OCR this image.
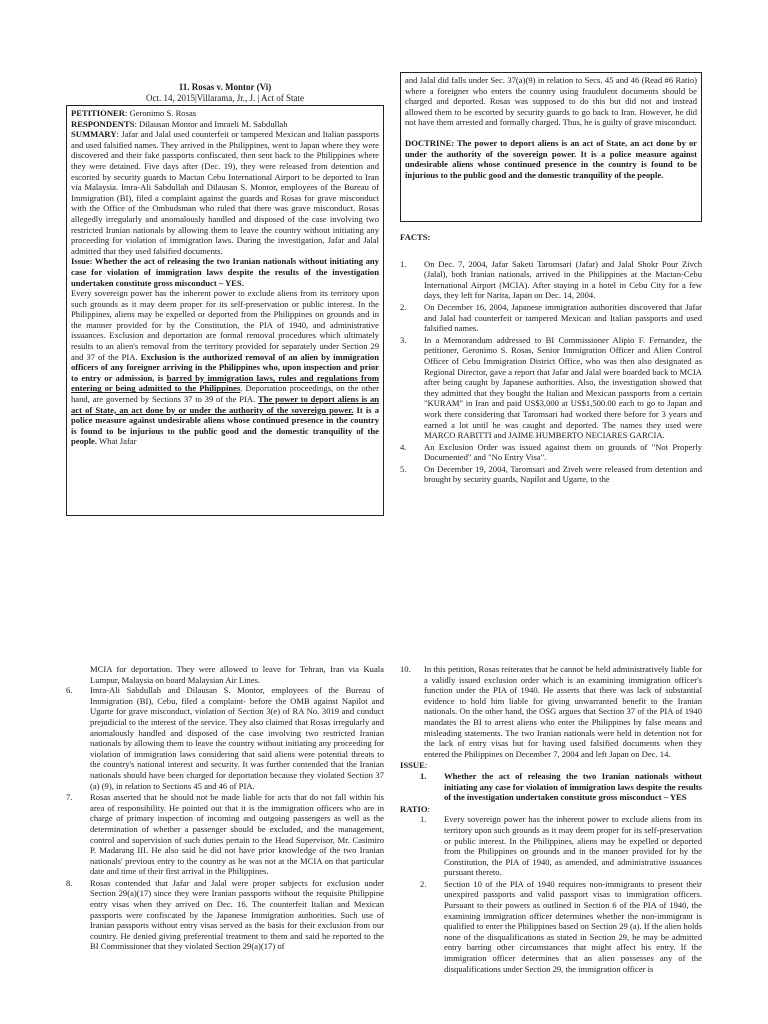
11. Rosas v. Montor (Vi)
Oct. 14, 2015|Villarama, Jr., J. | Act of State

PETITIONER: Geronimo S. Rosas

RESPONDENTS: Dilausan Montor and Imraeli M. Sabdullah

SUMMARY: Jafar and Jalal used counterfeit or tampered Mexican and Italian passports and used falsified names. They arrived in the Philippines, went to Japan where they were discovered and their fake passports confiscated, then sent back to the Philippines where they were detained. Five days after (Dec. 19), they were released from detention and escorted by security guards to Mactan Cebu International Airport to be deported to Iran via Malaysia. Imra-Ali Sabdullah and Dilausan S. Montor, employees of the Bureau of Immigration (BI), filed a complaint against the guards and Rosas for grave misconduct with the Office of the Ombudsman who ruled that there was grave misconduct. Rosas allegedly irregularly and anomalously handled and disposed of the case involving two restricted Iranian nationals by allowing them to leave the country without initiating any proceeding for violation of immigration laws. During the investigation, Jafar and Jalal admitted that they used falsified documents.

Issue: Whether the act of releasing the two Iranian nationals without initiating any case for violation of immigration laws despite the results of the investigation undertaken constitute gross misconduct – YES.

Every sovereign power has the inherent power to exclude aliens from its territory upon such grounds as it may deem proper for its self-preservation or public interest. In the Philippines, aliens may be expelled or deported from the Philippines on grounds and in the manner provided for by the Constitution, the PIA of 1940, and administrative issuances. Exclusion and deportation are formal removal procedures which ultimately results to an alien's removal from the territory provided for separately under Section 29 and 37 of the PIA. Exclusion is the authorized removal of an alien by immigration officers of any foreigner arriving in the Philippines who, upon inspection and prior to entry or admission, is barred by immigration laws, rules and regulations from entering or being admitted to the Philippines. Deportation proceedings, on the other hand, are governed by Sections 37 to 39 of the PIA. The power to deport aliens is an act of State, an act done by or under the authority of the sovereign power. It is a police measure against undesirable aliens whose continued presence in the country is found to be injurious to the public good and the domestic tranquility of the people. What Jafar

and Jalal did falls under Sec. 37(a)(9) in relation to Secs. 45 and 46 (Read #6 Ratio) where a foreigner who enters the country using fraudulent documents should be charged and deported. Rosas was supposed to do this but did not and instead allowed them to be escorted by security guards to go back to Iran. However, he did not have them arrested and formally charged. Thus, he is guilty of grave misconduct.

DOCTRINE: The power to deport aliens is an act of State, an act done by or under the authority of the sovereign power. It is a police measure against undesirable aliens whose continued presence in the country is found to be injurious to the public good and the domestic tranquility of the people.

FACTS:

1.	On Dec. 7, 2004, Jafar Saketi Taromsari (Jafar) and Jalal Shokr Pour Zivch (Jalal), both Iranian nationals, arrived in the Philippines at the Mactan-Cebu International Airport (MCIA). After staying in a hotel in Cebu City for a few days, they left for Narita, Japan on Dec. 14, 2004.
2.	On December 16, 2004, Japanese immigration authorities discovered that Jafar and Jalal had counterfeit or tampered Mexican and Italian passports and used falsified names.
3.	In a Memorandum addressed to BI Commissioner Alipio F. Fernandez, the petitioner, Geronimo S. Rosas, Senior Immigration Officer and Alien Control Officer of Cebu Immigration District Office, who was then also designated as Regional Director, gave a report that Jafar and Jalal were boarded back to MCIA after being caught by Japanese authorities. Also, the investigation showed that they admitted that they bought the Italian and Mexican passports from a certain "KURAM" in Iran and paid US$3,000 at US$1,500.00 each to go to Japan and work there considering that Taromsari had worked there before for 3 years and earned a lot until he was caught and deported. The names they used were MARCO RABITTI and JAIME HUMBERTO NECIARES GARCIA.
4.	An Exclusion Order was issued against them on grounds of "Not Properly Documented" and "No Entry Visa".
5.	On December 19, 2004, Taromsari and Ziveh were released from detention and brought by security guards, Napilot and Ugarte, to the

MCIA for deportation. They were allowed to leave for Tehran, Iran via Kuala Lumpur, Malaysia on board Malaysian Air Lines.

6.	Imra-Ali Sabdullah and Dilausan S. Montor, employees of the Bureau of Immigration (BI), Cebu, filed a complaint- before the OMB against Napilot and Ugarte for grave misconduct, violation of Section 3(e) of RA No. 3019 and conduct prejudicial to the interest of the service. They also claimed that Rosas irregularly and anomalously handled and disposed of the case involving two restricted Iranian nationals by allowing them to leave the country without initiating any proceeding for violation of immigration laws considering that said aliens were potential threats to the country's national interest and security. It was further contended that the Iranian nationals should have been charged for deportation because they violated Section 37 (a) (9), in relation to Sections 45 and 46 of PIA.
7.	Rosas asserted that he should not be made liable for acts that do not fall within his area of responsibility. He pointed out that it is the immigration officers who are in charge of primary inspection of incoming and outgoing passengers as well as the determination of whether a passenger should be excluded, and the management, control and supervision of such duties pertain to the Head Supervisor, Mr. Casimiro P. Madarang III. He also said he did not have prior knowledge of the two Iranian nationals' previous entry to the country as he was not at the MCIA on that particular date and time of their first arrival in the Philippines.
8.	Rosas contended that Jafar and Jalal were proper subjects for exclusion under Section 29(a)(17) since they were Iranian passports without the requisite Philippine entry visas when they arrived on Dec. 16. The counterfeit Italian and Mexican passports were confiscated by the Japanese Immigration authorities. Such use of Iranian passports without entry visas served as the basis for their exclusion from our country. He denied giving preferential treatment to them and said he reported to the BI Commissioner that they violated Section 29(a)(17) of
10.	In this petition, Rosas reiterates that he cannot be held administratively liable for a validly issued exclusion order which is an examining immigration officer's function under the PIA of 1940. He asserts that there was lack of substantial evidence to hold him liable for giving unwarranted benefit to the Iranian nationals. On the other hand, the OSG argues that Section 37 of the PIA of 1940 mandates the BI to arrest aliens who enter the Philippines by false means and misleading statements. The two Iranian nationals were held in detention not for the lack of entry visas but for having used falsified documents when they entered the Philippines on December 7, 2004 and left Japan on Dec. 14.

ISSUE:

1.	Whether the act of releasing the two Iranian nationals without initiating any case for violation of immigration laws despite the results of the investigation undertaken constitute gross misconduct – YES

RATIO:

1.	Every sovereign power has the inherent power to exclude aliens from its territory upon such grounds as it may deem proper for its self-preservation or public interest. In the Philippines, aliens may be expelled or deported from the Philippines on grounds and in the manner provided for by the Constitution, the PIA of 1940, as amended, and administrative issuances pursuant thereto.
2.	Section 10 of the PIA of 1940 requires non-immigrants to present their unexpired passports and valid passport visas to immigration officers. Pursuant to their powers as outlined in Section 6 of the PIA of 1940, the examining immigration officer determines whether the non-immigrant is qualified to enter the Philippines based on Section 29 (a). If the alien holds none of the disqualifications as stated in Section 29, he may be admitted entry barring other circumstances that might affect his entry. If the immigration officer determines that an alien possesses any of the disqualifications under Section 29, the immigration officer is
